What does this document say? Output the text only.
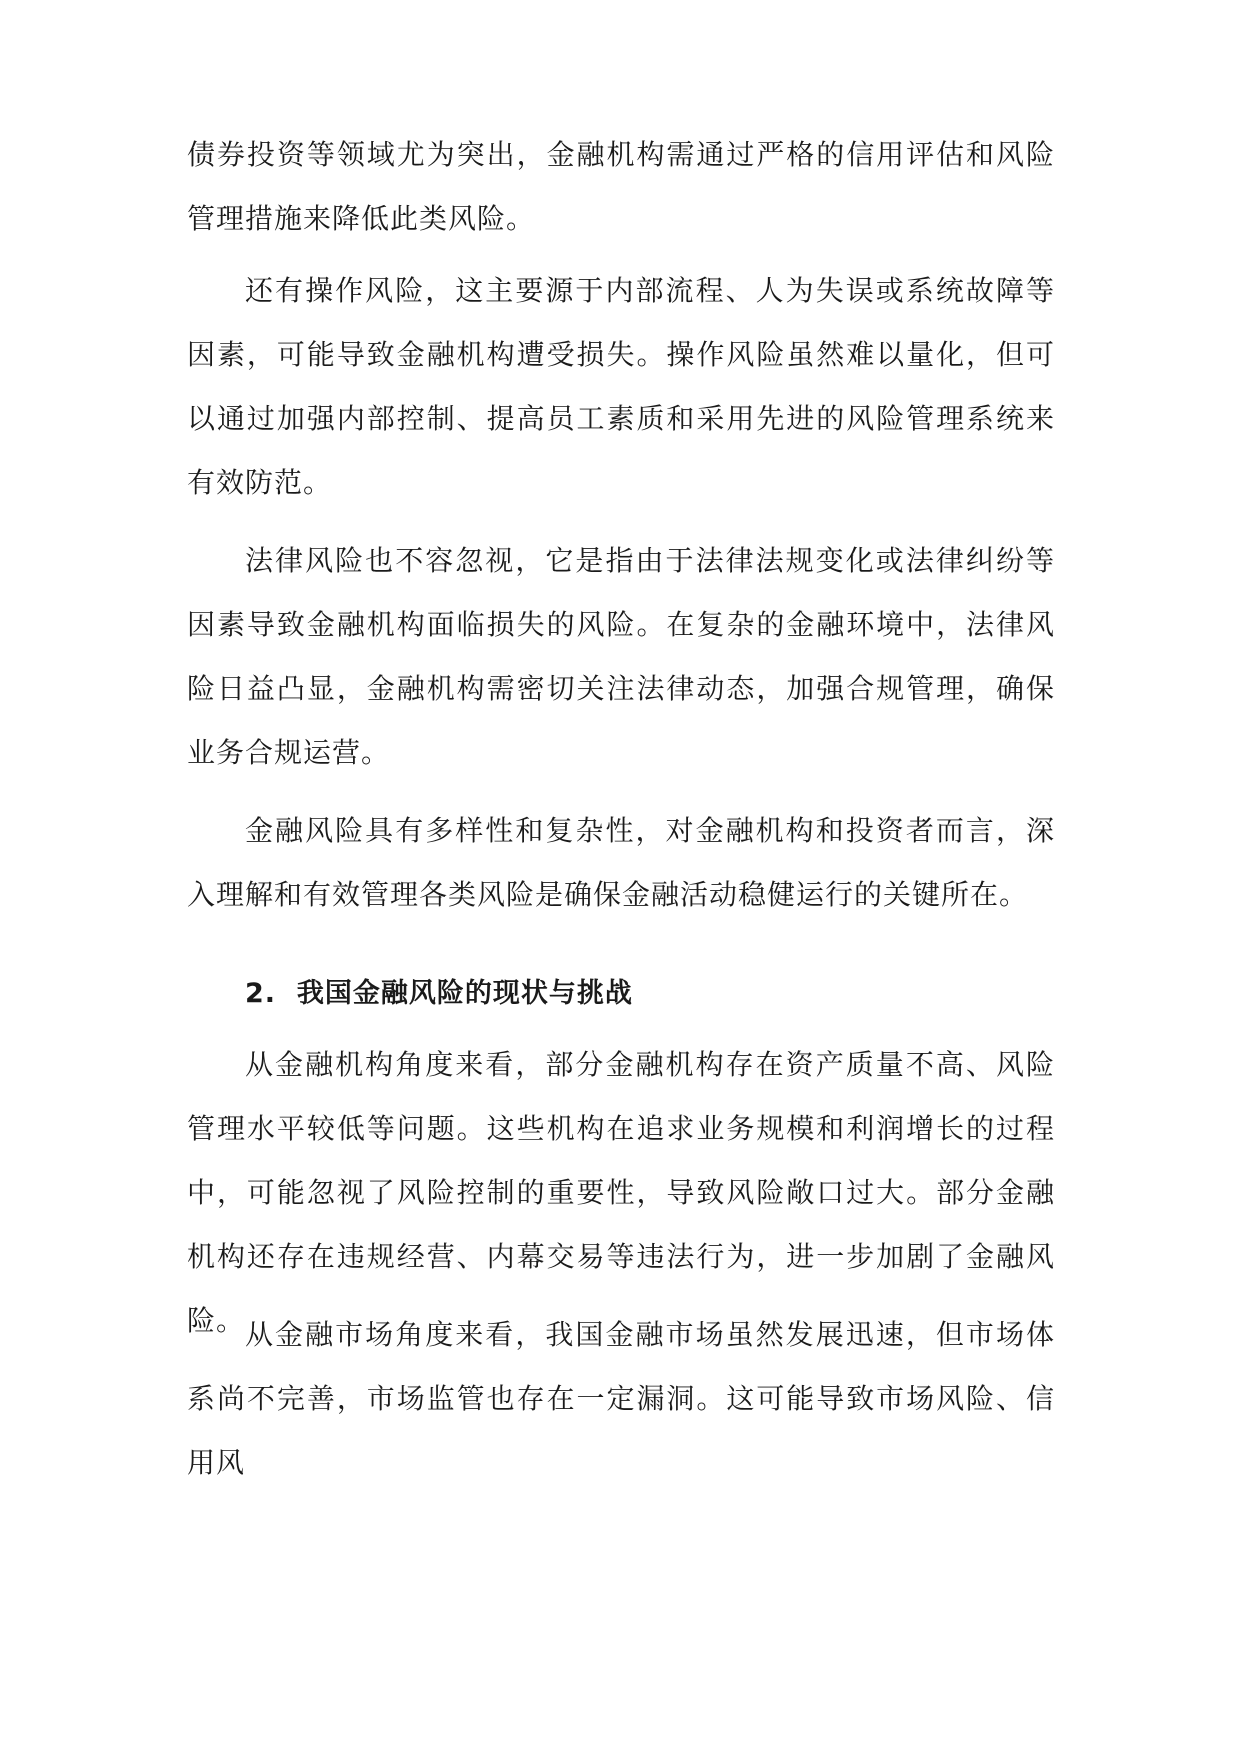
债券投资等领域尤为突出，金融机构需通过严格的信用评估和风险管理措施来降低此类风险。

还有操作风险，这主要源于内部流程、人为失误或系统故障等因素，可能导致金融机构遭受损失。操作风险虽然难以量化，但可以通过加强内部控制、提高员工素质和采用先进的风险管理系统来有效防范。

法律风险也不容忽视，它是指由于法律法规变化或法律纠纷等因素导致金融机构面临损失的风险。在复杂的金融环境中，法律风险日益凸显，金融机构需密切关注法律动态，加强合规管理，确保业务合规运营。

金融风险具有多样性和复杂性，对金融机构和投资者而言，深入理解和有效管理各类风险是确保金融活动稳健运行的关键所在。

2.  我国金融风险的现状与挑战

从金融机构角度来看，部分金融机构存在资产质量不高、风险管理水平较低等问题。这些机构在追求业务规模和利润增长的过程中，可能忽视了风险控制的重要性，导致风险敞口过大。部分金融机构还存在违规经营、内幕交易等违法行为，进一步加剧了金融风险。 从金融市场角度来看，我国金融市场虽然发展迅速，但市场体系尚不完善，市场监管也存在一定漏洞。这可能导致市场风险、信用风
